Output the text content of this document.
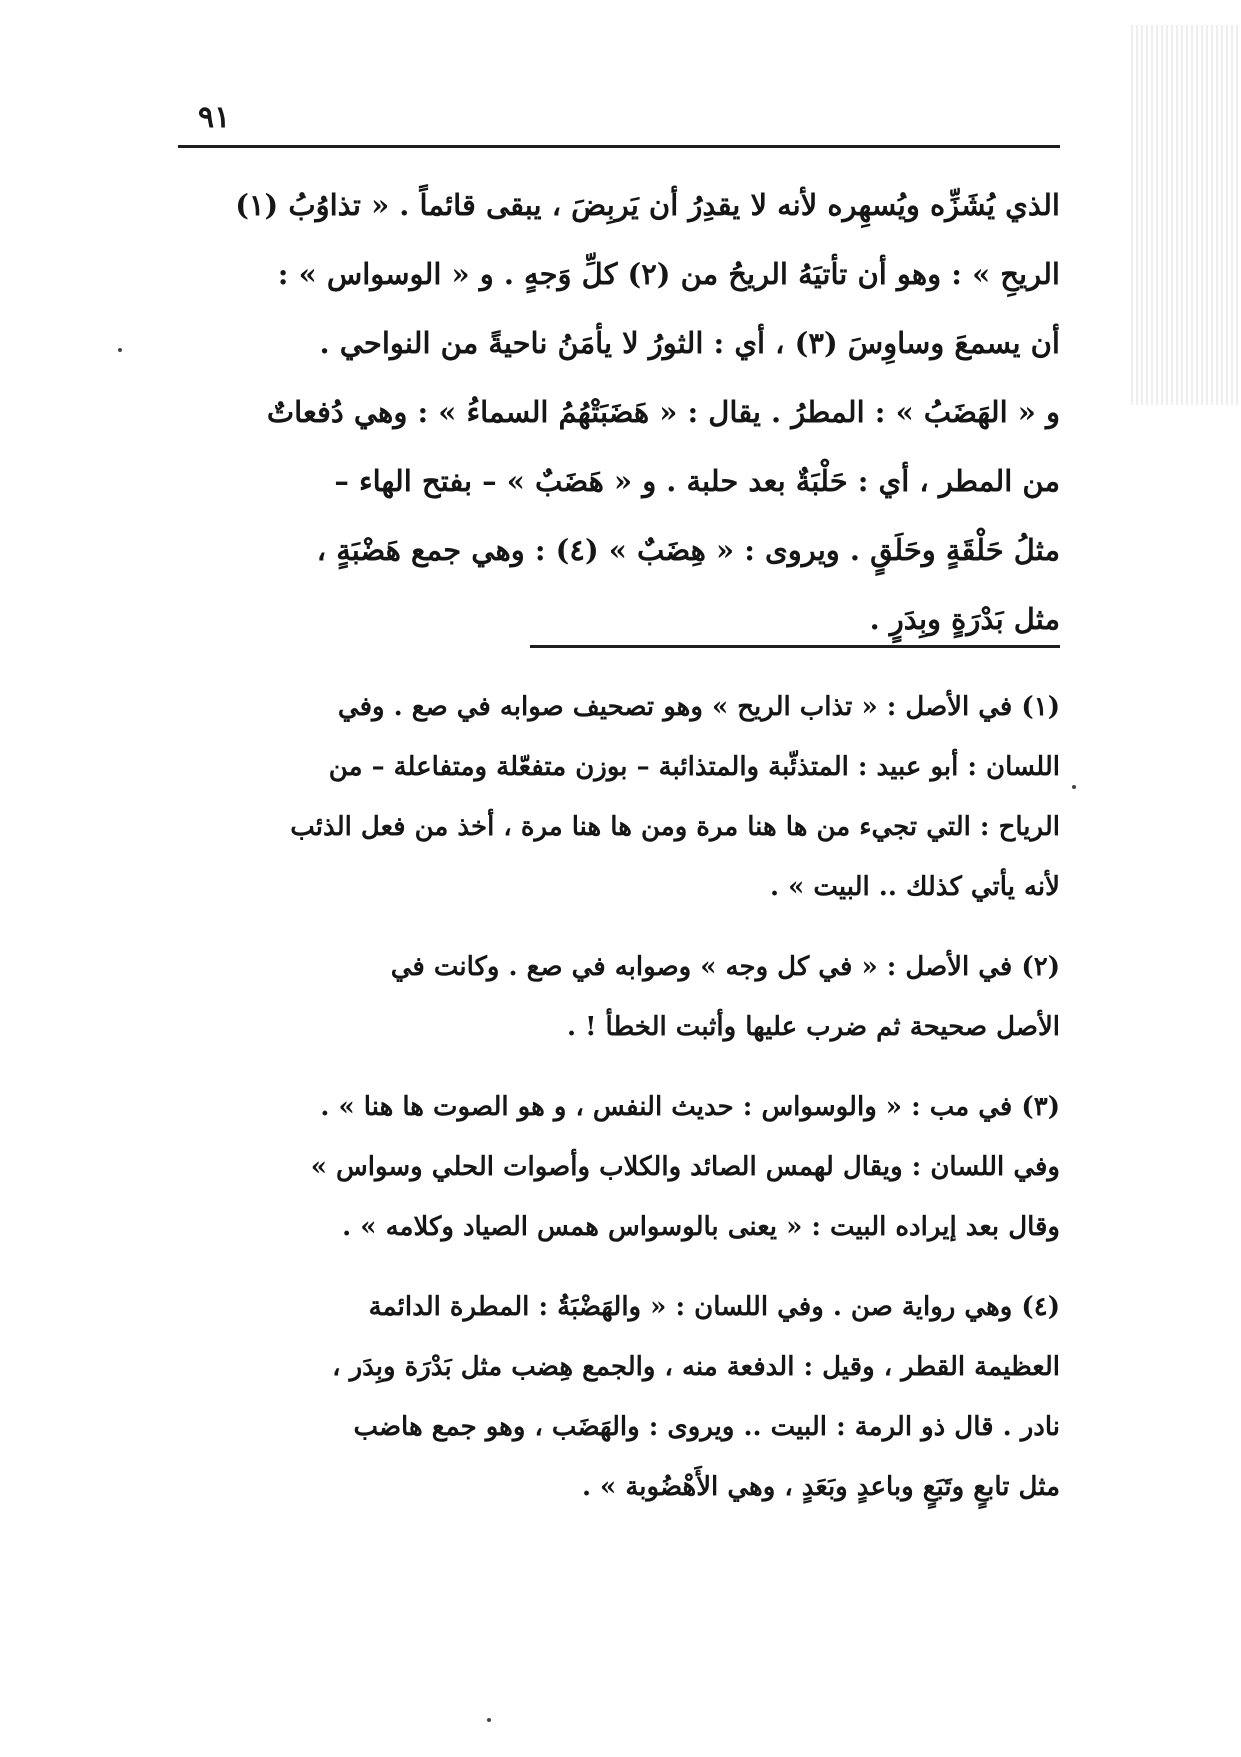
٩١
الذي يُشَزِّه ويُسهِره لأنه لا يقدِرُ أن يَربِضَ ، يبقى قائماً . « تذاوُبُ (١)
الريحِ » : وهو أن تأتيَهُ الريحُ من (٢) كلِّ وَجهٍ . و « الوسواس » :
أن يسمعَ وساوِسَ (٣) ، أي : الثورُ لا يأمَنُ ناحيةً من النواحي .
و « الهَضَبُ » : المطرُ . يقال : « هَضَبَتْهُمُ السماءُ » : وهي دُفعاتٌ
من المطر ، أي : حَلْبَةٌ بعد حلبة . و « هَضَبٌ » – بفتح الهاء –
مثلُ حَلْقَةٍ وحَلَقٍ . ويروى : « هِضَبٌ » (٤) : وهي جمع هَضْبَةٍ ،
مثل بَدْرَةٍ وبِدَرٍ .
(١) في الأصل : « تذاب الريح » وهو تصحيف صوابه في صع . وفي
اللسان : أبو عبيد : المتذئّبة والمتذائبة – بوزن متفعّلة ومتفاعلة – من
الرياح : التي تجيء من ها هنا مرة ومن ها هنا مرة ، أخذ من فعل الذئب
لأنه يأتي كذلك .. البيت » .
(٢) في الأصل : « في كل وجه » وصوابه في صع . وكانت في
الأصل صحيحة ثم ضرب عليها وأثبت الخطأ ! .
(٣) في مب : « والوسواس : حديث النفس ، و هو الصوت ها هنا » .
وفي اللسان : ويقال لهمس الصائد والكلاب وأصوات الحلي وسواس »
وقال بعد إيراده البيت : « يعنى بالوسواس همس الصياد وكلامه » .
(٤) وهي رواية صن . وفي اللسان : « والهَضْبَةُ : المطرة الدائمة
العظيمة القطر ، وقيل : الدفعة منه ، والجمع هِضب مثل بَدْرَة وبِدَر ،
نادر . قال ذو الرمة : البيت .. ويروى : والهَضَب ، وهو جمع هاضب
مثل تابعٍ وتَبَعٍ وباعدٍ وبَعَدٍ ، وهي الأَهْضُوبة » .
